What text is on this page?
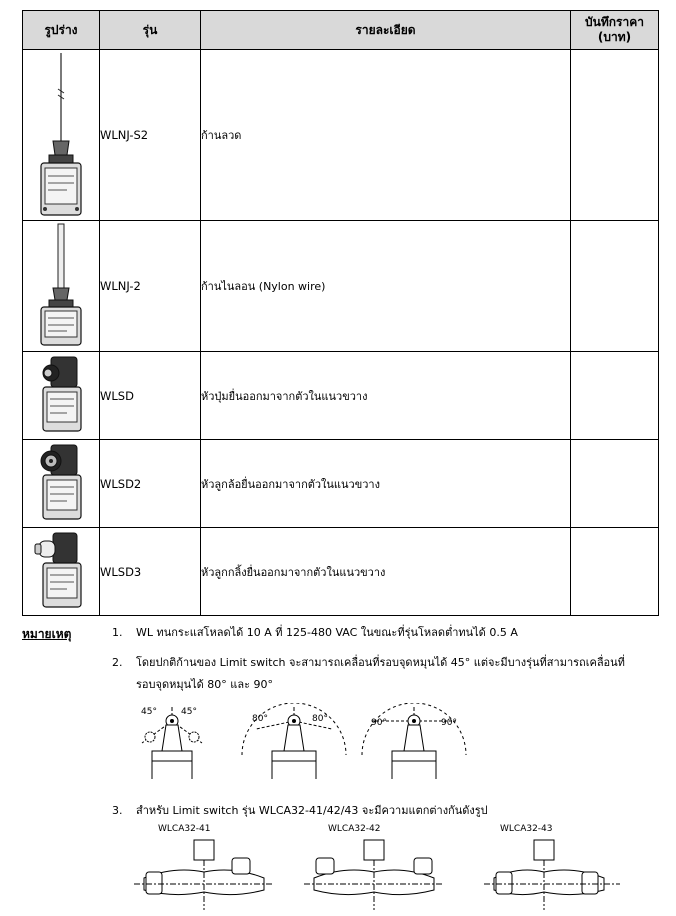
รูปร่าง	รุ่น	รายละเอียด	บันทึกราคา
(บาท)

	WLNJ-S2	ก้านลวด	
	WLNJ-2	ก้านไนลอน (Nylon wire)	
	WLSD	หัวปุ่มยื่นออกมาจากตัวในแนวขวาง	
	WLSD2	หัวลูกล้อยื่นออกมาจากตัวในแนวขวาง	
	WLSD3	หัวลูกกลิ้งยื่นออกมาจากตัวในแนวขวาง	
หมายเหตุ	1. WL ทนกระแสโหลดได้ 10 A ที่ 125-480 VAC ในขณะที่รุ่นโหลดต่ำทนได้ 0.5 A
2. โดยปกติก้านของ Limit switch จะสามารถเคลื่อนที่รอบจุดหมุนได้ 45° แต่จะมีบางรุ่นที่สามารถเคลื่อนที่
รอบจุดหมุนได้ 80° และ 90°
45°	45°
80°	80°	90°	90°
3. สำหรับ Limit switch รุ่น WLCA32-41/42/43 จะมีความแตกต่างกันดังรูป
WLCA32-41	WLCA32-42	WLCA32-43
